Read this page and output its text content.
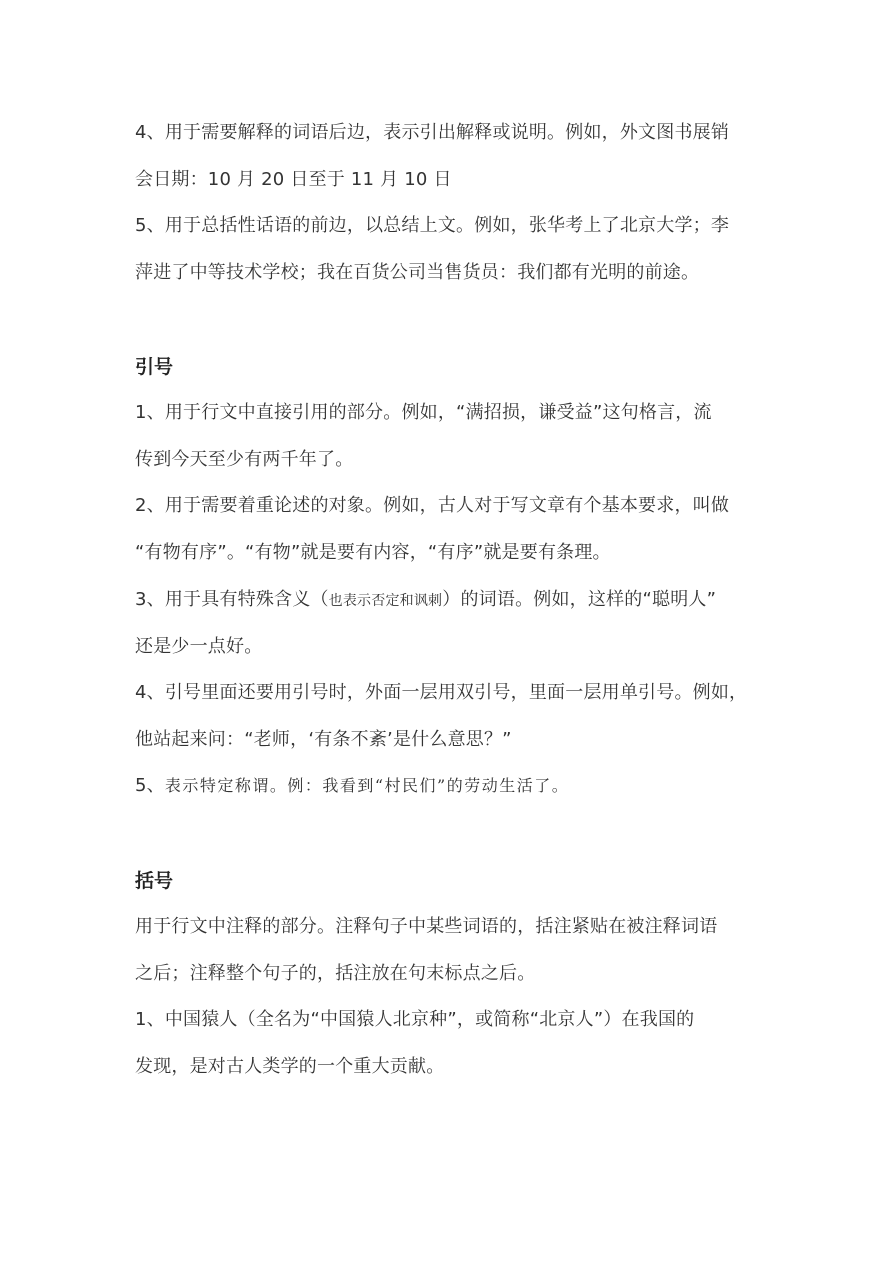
4、用于需要解释的词语后边，表示引出解释或说明。例如，外文图书展销
会日期：10 月 20 日至于 11 月 10 日
5、用于总括性话语的前边，以总结上文。例如，张华考上了北京大学；李
萍进了中等技术学校；我在百货公司当售货员：我们都有光明的前途。
引号
1、用于行文中直接引用的部分。例如，“满招损，谦受益”这句格言，流
传到今天至少有两千年了。
2、用于需要着重论述的对象。例如，古人对于写文章有个基本要求，叫做
“有物有序”。“有物”就是要有内容，“有序”就是要有条理。
3、用于具有特殊含义（也表示否定和讽刺）的词语。例如，这样的“聪明人”
还是少一点好。
4、引号里面还要用引号时，外面一层用双引号，里面一层用单引号。例如，
他站起来问：“老师，‘有条不紊’是什么意思？”
5、表示特定称谓。例：我看到“村民们”的劳动生活了。
括号
用于行文中注释的部分。注释句子中某些词语的，括注紧贴在被注释词语
之后；注释整个句子的，括注放在句末标点之后。
1、中国猿人（全名为“中国猿人北京种”，或简称“北京人”）在我国的
发现，是对古人类学的一个重大贡献。
